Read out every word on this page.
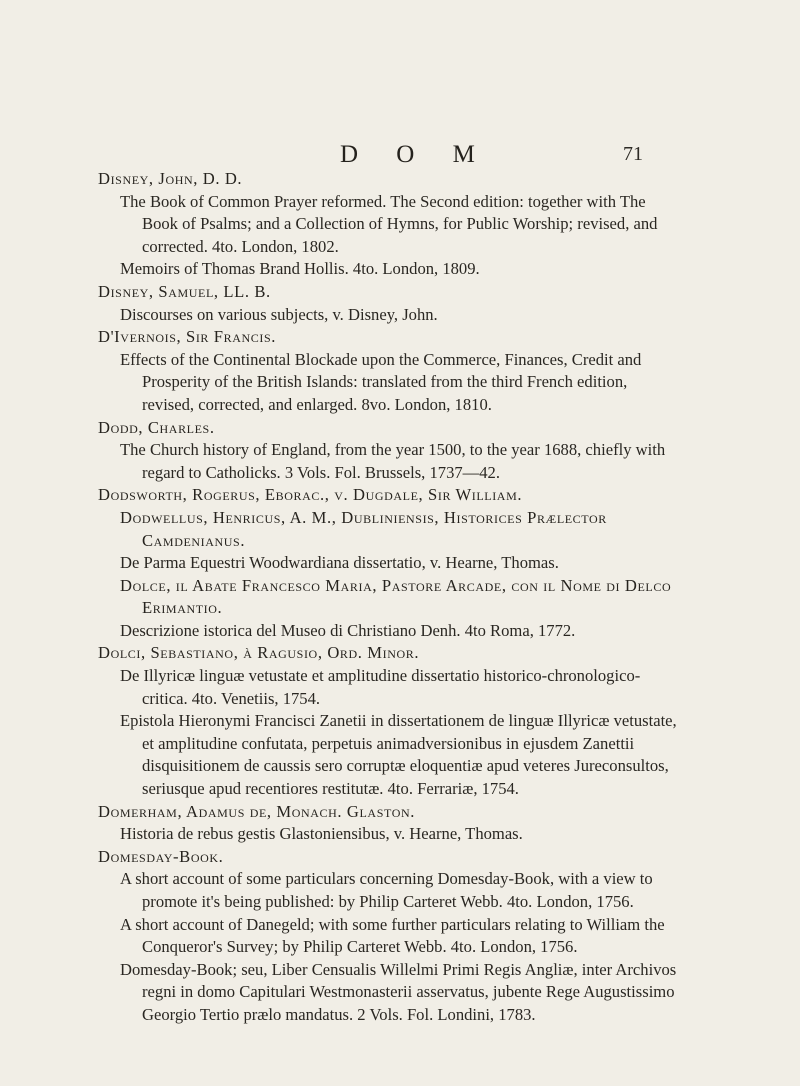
D O M	71

Disney, John, D. D.

The Book of Common Prayer reformed. The Second edition: together with The Book of Psalms; and a Collection of Hymns, for Public Worship; revised, and corrected. 4to. London, 1802.

Memoirs of Thomas Brand Hollis. 4to. London, 1809.

Disney, Samuel, LL. B.

Discourses on various subjects, v. Disney, John.

D'Ivernois, Sir Francis.

Effects of the Continental Blockade upon the Commerce, Finances, Credit and Prosperity of the British Islands: translated from the third French edition, revised, corrected, and enlarged. 8vo. London, 1810.

Dodd, Charles.

The Church history of England, from the year 1500, to the year 1688, chiefly with regard to Catholicks. 3 Vols. Fol. Brussels, 1737—42.

Dodsworth, Rogerus, Eborac., v. Dugdale, Sir William.

Dodwellus, Henricus, A. M., Dubliniensis, Historices Prælector Camdenianus.

De Parma Equestri Woodwardiana dissertatio, v. Hearne, Thomas.

Dolce, il Abate Francesco Maria, Pastore Arcade, con il Nome di Delco Erimantio.

Descrizione istorica del Museo di Christiano Denh. 4to Roma, 1772.

Dolci, Sebastiano, à Ragusio, Ord. Minor.

De Illyricæ linguæ vetustate et amplitudine dissertatio historico-chronologico-critica. 4to. Venetiis, 1754.

Epistola Hieronymi Francisci Zanetii in dissertationem de linguæ Illyricæ vetustate, et amplitudine confutata, perpetuis animadversionibus in ejusdem Zanettii disquisitionem de caussis sero corruptæ eloquentiæ apud veteres Jureconsultos, seriusque apud recentiores restitutæ. 4to. Ferrariæ, 1754.

Domerham, Adamus de, Monach. Glaston.

Historia de rebus gestis Glastoniensibus, v. Hearne, Thomas.

Domesday-Book.

A short account of some particulars concerning Domesday-Book, with a view to promote it's being published: by Philip Carteret Webb. 4to. London, 1756.

A short account of Danegeld; with some further particulars relating to William the Conqueror's Survey; by Philip Carteret Webb. 4to. London, 1756.

Domesday-Book; seu, Liber Censualis Willelmi Primi Regis Angliæ, inter Archivos regni in domo Capitulari Westmonasterii asservatus, jubente Rege Augustissimo Georgio Tertio prælo mandatus. 2 Vols. Fol. Londini, 1783.
